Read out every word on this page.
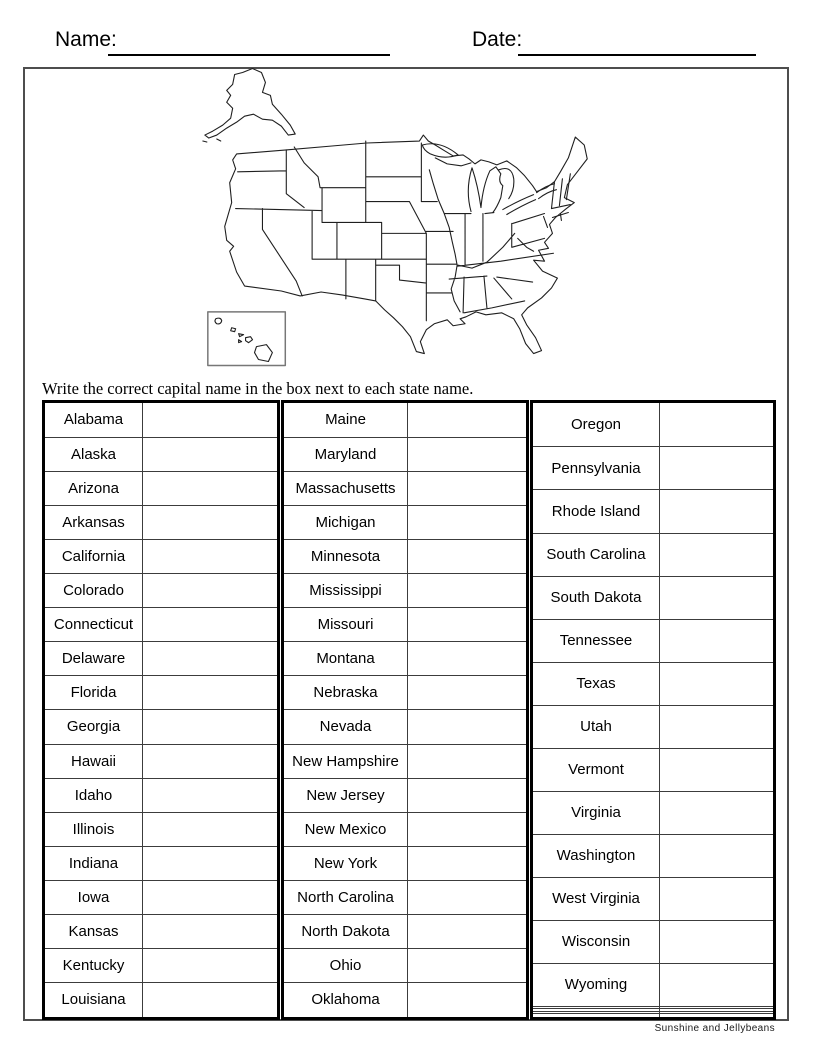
Name:	Date:
Write the correct capital name in the box next to each state name.
Alabama	
Alaska	
Arizona	
Arkansas	
California	
Colorado	
Connecticut	
Delaware	
Florida	
Georgia	
Hawaii	
Idaho	
Illinois	
Indiana	
Iowa	
Kansas	
Kentucky	
Louisiana	
Maine	
Maryland	
Massachusetts	
Michigan	
Minnesota	
Mississippi	
Missouri	
Montana	
Nebraska	
Nevada	
New Hampshire	
New Jersey	
New Mexico	
New York	
North Carolina	
North Dakota	
Ohio	
Oklahoma	
Oregon	
Pennsylvania	
Rhode Island	
South Carolina	
South Dakota	
Tennessee	
Texas	
Utah	
Vermont	
Virginia	
Washington	
West Virginia	
Wisconsin	
Wyoming	

Sunshine and Jellybeans
